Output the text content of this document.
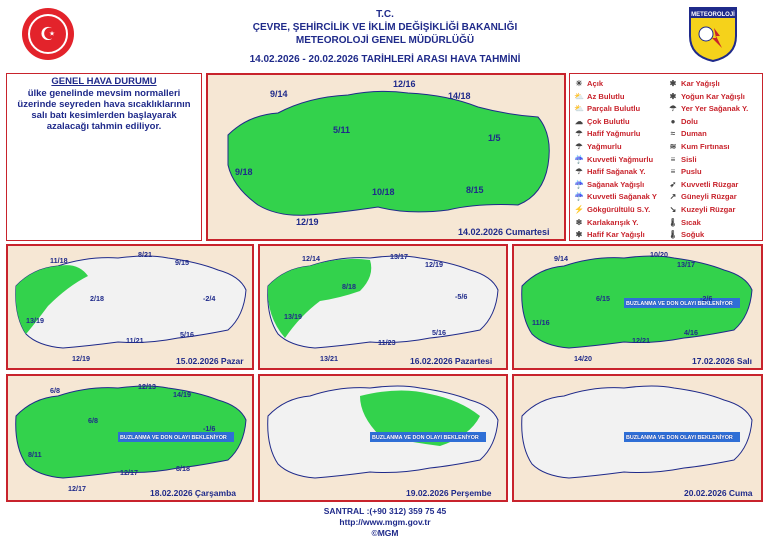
☪
T.C.
ÇEVRE, ŞEHİRCİLİK VE İKLİM DEĞİŞİKLİĞİ BAKANLIĞI
METEOROLOJİ GENEL MÜDÜRLÜĞÜ
14.02.2026 - 20.02.2026 TARİHLERİ ARASI HAVA TAHMİNİ
METEOROLOJİ
GENEL HAVA DURUMU

ülke genelinde mevsim normalleri üzerinde seyreden hava sıcaklıklarının salı batı kesimlerden başlayarak azalacağı tahmin ediliyor.

☀ Açık
⛅ Az Bulutlu
⛅ Parçalı Bulutlu
☁ Çok Bulutlu
☂ Hafif Yağmurlu
☂ Yağmurlu
☔ Kuvvetli Yağmurlu
☂ Hafif Sağanak Y.
☔ Sağanak Yağışlı
☔ Kuvvetli Sağanak Y
⚡ Gökgürültülü S.Y.
❄ Karlakarışık Y.
✱ Hafif Kar Yağışlı
✱ Kar Yağışlı
✱ Yoğun Kar Yağışlı
☂ Yer Yer Sağanak Y.
● Dolu
≈ Duman
≋ Kum Fırtınası
≡ Sisli
≡ Puslu
➶ Kuvvetli Rüzgar
↗ Güneyli Rüzgar
↘ Kuzeyli Rüzgar
🌡 Sıcak
🌡 Soğuk
9/14
12/16
14/18
5/11
1/5
9/18
10/18	8/15
12/19
14.02.2026 Cumartesi
11/18
8/21
9/15
2/18	-2/4
13/19
5/16
11/21
12/19	15.02.2026 Pazar
12/14	13/17
12/19
8/18
-5/6
13/19
5/16
13/21
11/23
16.02.2026 Pazartesi
9/14	10/20
13/17
6/15	-2/6
11/16
4/16
12/21
14/20
BUZLANMA VE DON OLAYI BEKLENİYOR
17.02.2026 Salı
6/8	12/13
14/19
-1/6
6/8
8/11
12/17	8/18
12/17
BUZLANMA VE DON OLAYI BEKLENİYOR
18.02.2026 Çarşamba
BUZLANMA VE DON OLAYI BEKLENİYOR
19.02.2026 Perşembe
BUZLANMA VE DON OLAYI BEKLENİYOR
20.02.2026 Cuma
SANTRAL :(+90 312) 359 75 45
http://www.mgm.gov.tr
©MGM
